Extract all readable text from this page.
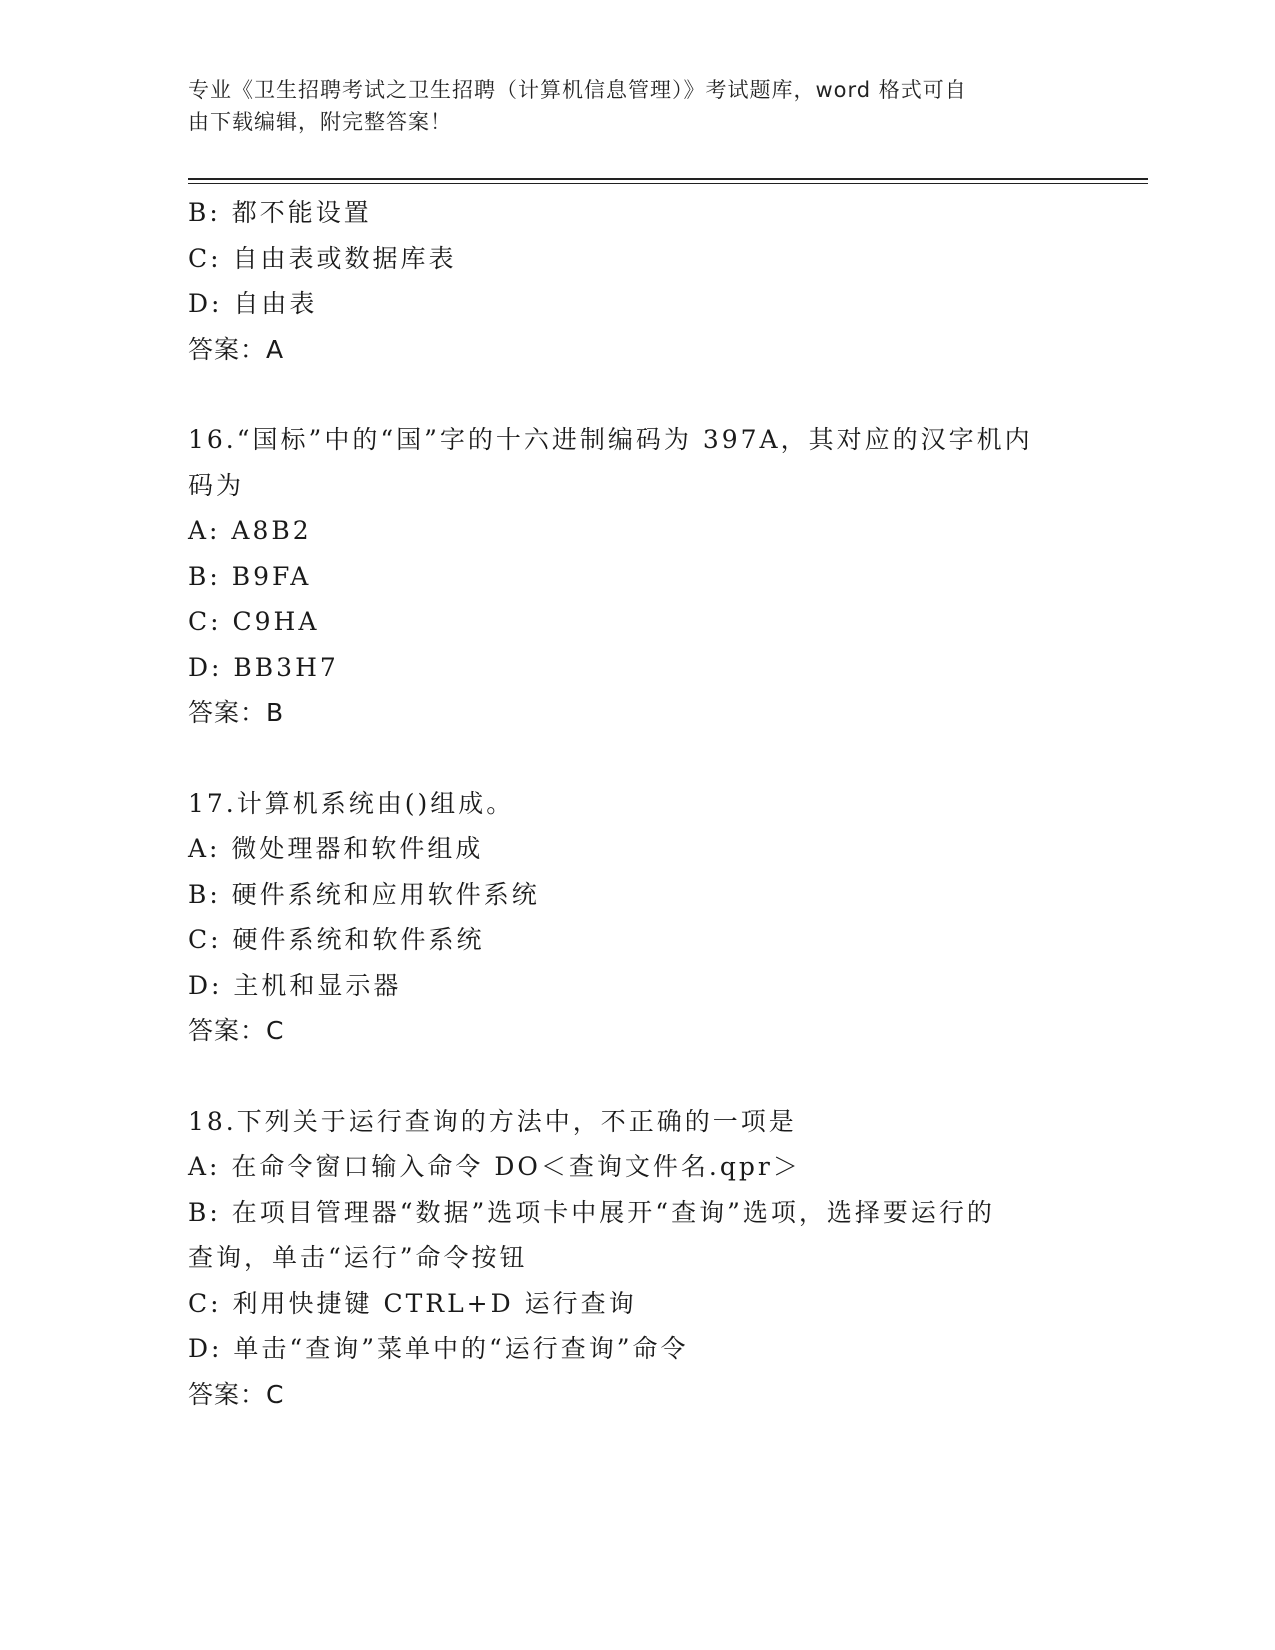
专业《卫生招聘考试之卫生招聘（计算机信息管理）》考试题库，word 格式可自
由下载编辑，附完整答案！
B: 都不能设置
C: 自由表或数据库表
D: 自由表
答案：A
16.“国标”中的“国”字的十六进制编码为 397A，其对应的汉字机内
码为
A: A8B2
B: B9FA
C: C9HA
D: BB3H7
答案：B
17.计算机系统由()组成。
A: 微处理器和软件组成
B: 硬件系统和应用软件系统
C: 硬件系统和软件系统
D: 主机和显示器
答案：C
18.下列关于运行查询的方法中，不正确的一项是
A: 在命令窗口输入命令 DO＜查询文件名.qpr＞
B: 在项目管理器“数据”选项卡中展开“查询”选项，选择要运行的
查询，单击“运行”命令按钮
C: 利用快捷键 CTRL+D 运行查询
D: 单击“查询”菜单中的“运行查询”命令
答案：C
